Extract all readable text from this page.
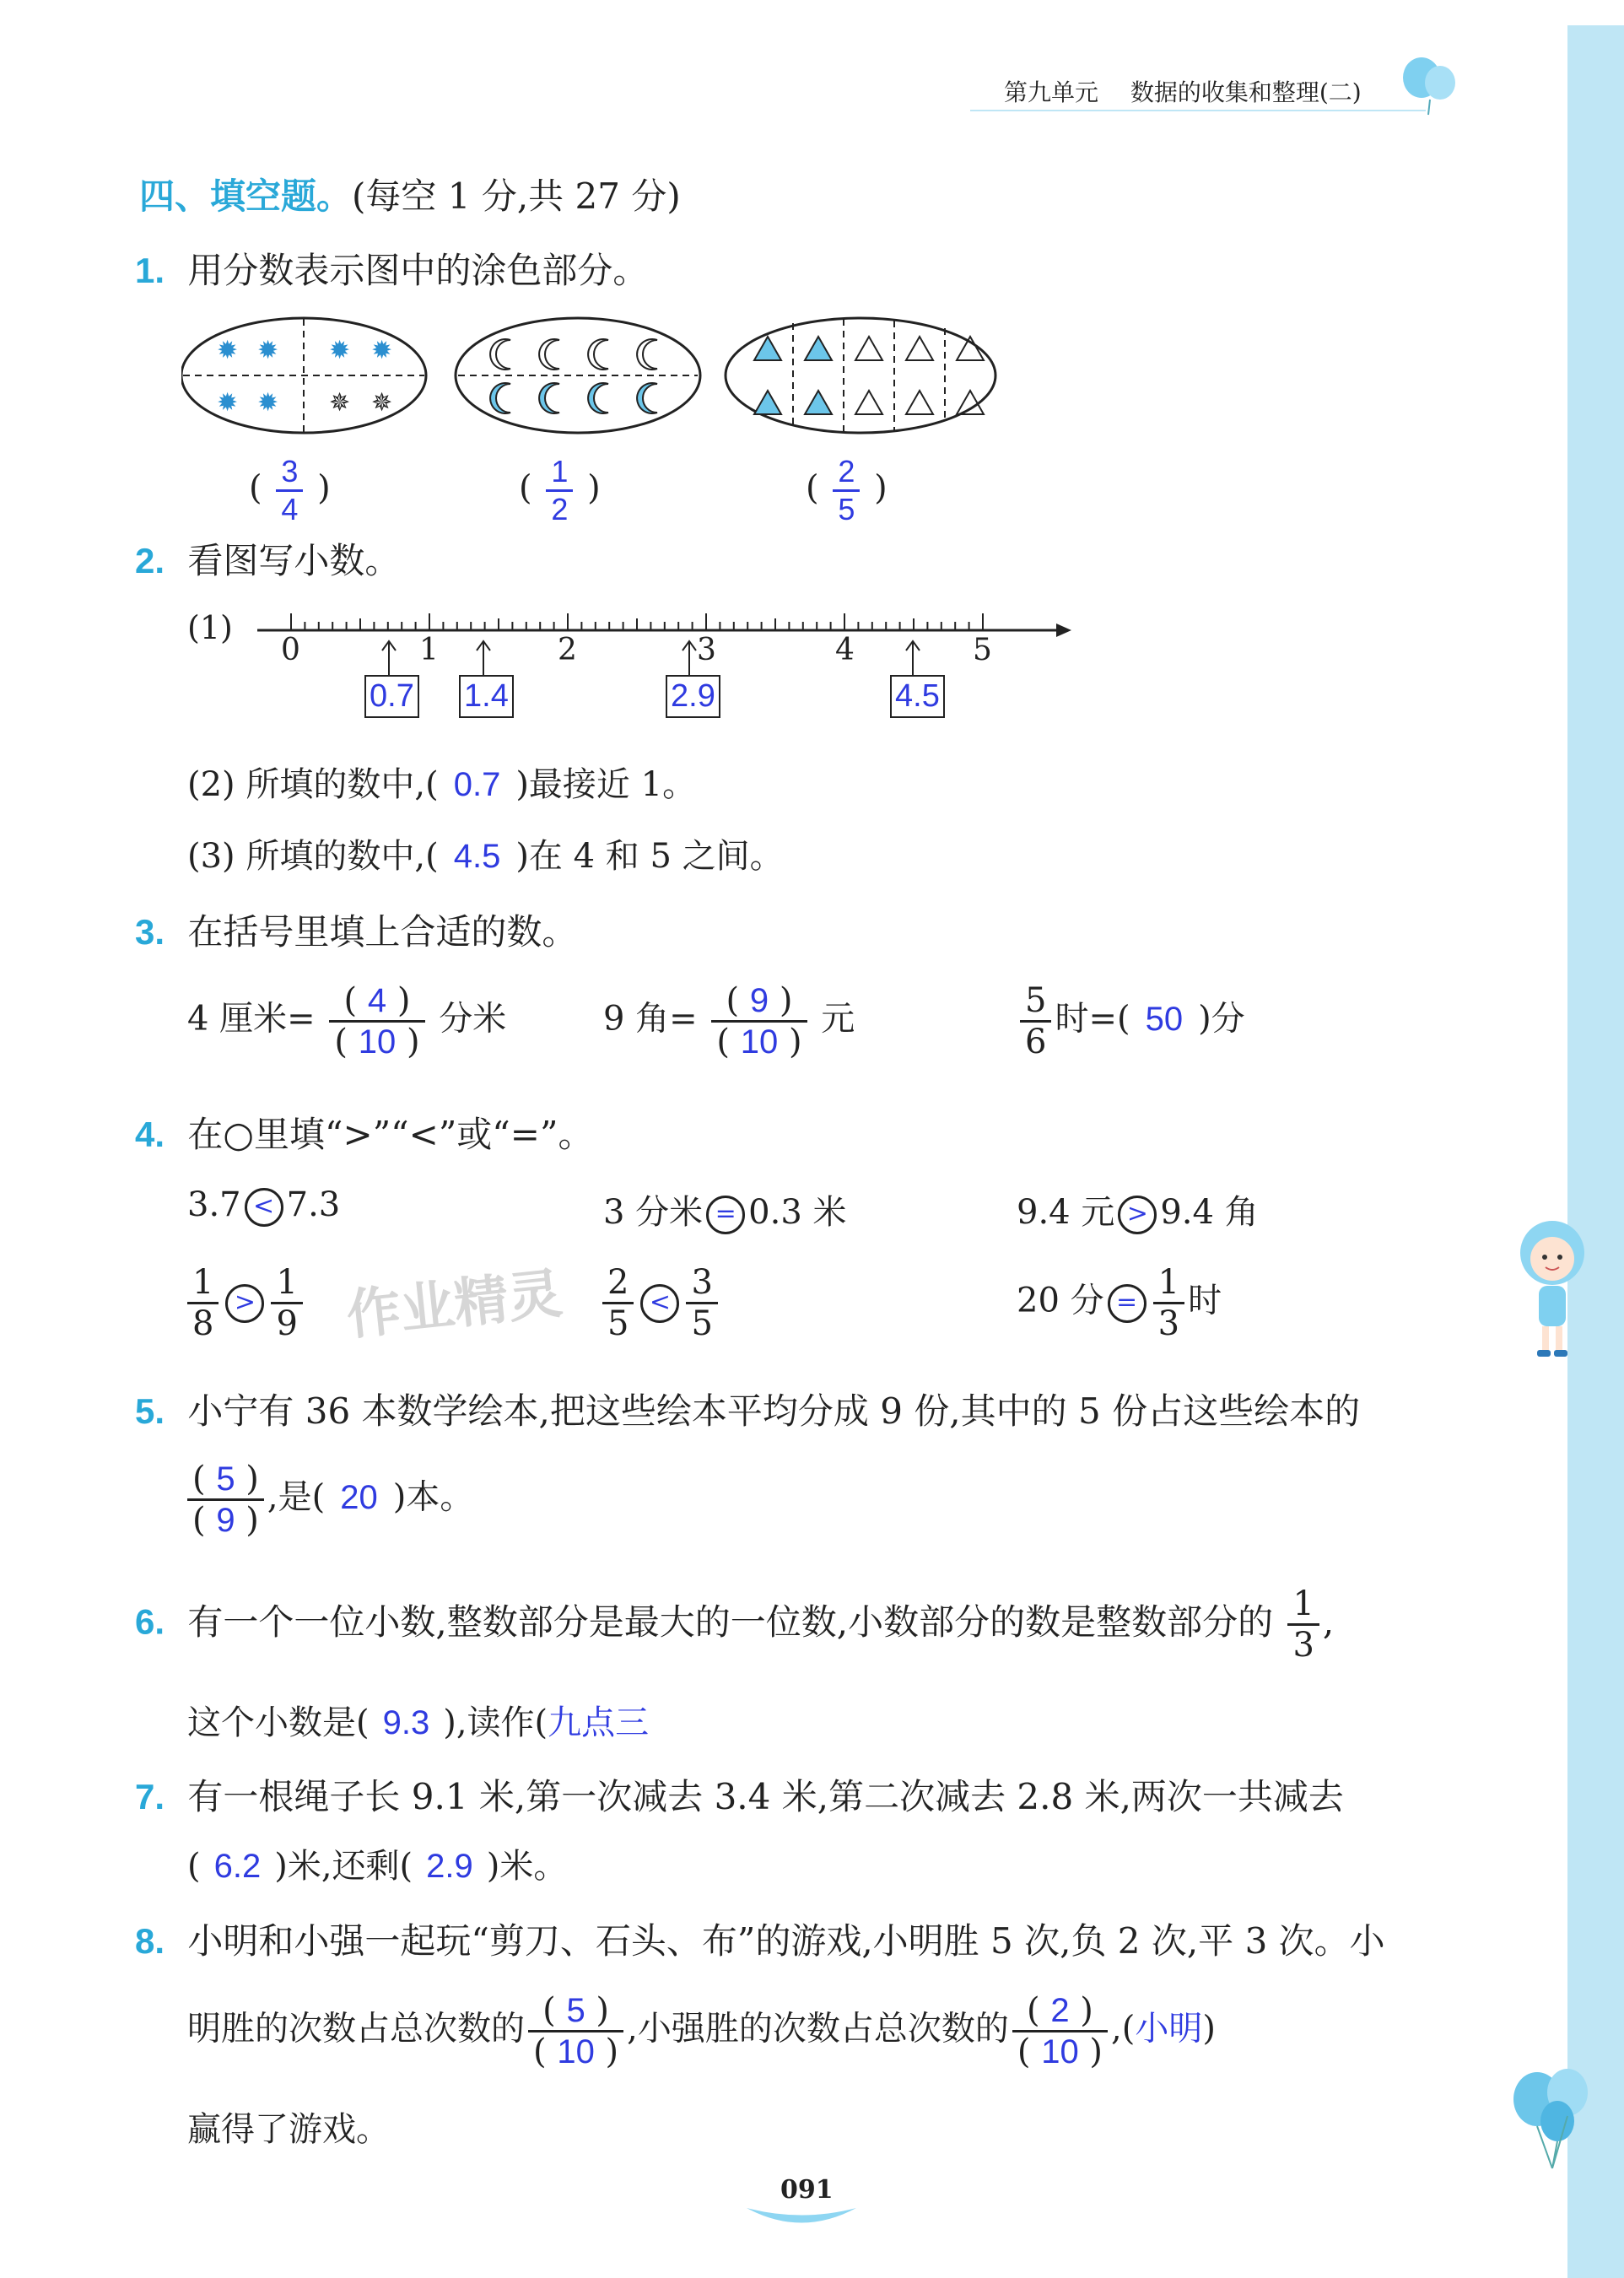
第九单元 数据的收集和整理(二)
四、填空题。(每空 1 分,共 27 分)
1. 用分数表示图中的涂色部分。
✹ ✹ ✹ ✹
✹ ✹ ✵ ✵
( $\frac{3}{4}$ )	( $\frac{1}{2}$ )	( $\frac{2}{5}$ )
2. 看图写小数。
(1)
0	1	2	3	4	5
0.7 1.4	2.9	4.5
(2) 所填的数中,( 0.7 )最接近 1。
(3) 所填的数中,( 4.5 )在 4 和 5 之间。
3. 在括号里填上合适的数。
4 厘米= $\frac{( 4 )}{( 10 )}$ 分米	9 角= $\frac{( 9 )}{( 10 )}$ 元	$\frac{5}{6}$ 时=( 50 )分
4. 在○里填“>”“<”或“=”。
3.7 < 7.3	3 分米 = 0.3 米	9.4 元 > 9.4 角
$\frac{1}{8} > \frac{1}{9}$	$\frac{2}{5} < \frac{3}{5}$	20 分 = $\frac{1}{3}$ 时
5. 小宁有 36 本数学绘本,把这些绘本平均分成 9 份,其中的 5 份占这些绘本的
$\frac{( 5 )}{( 9 )}$ ,是( 20 )本。
6. 有一个一位小数,整数部分是最大的一位数,小数部分的数是整数部分的 $\frac{1}{3}$ ,
这个小数是( 9.3 ),读作(九点三
7. 有一根绳子长 9.1 米,第一次减去 3.4 米,第二次减去 2.8 米,两次一共减去
( 6.2 )米,还剩( 2.9 )米。
8. 小明和小强一起玩“剪刀、石头、布”的游戏,小明胜 5 次,负 2 次,平 3 次。小
明胜的次数占总次数的 $\frac{( 5 )}{( 10 )}$ ,小强胜的次数占总次数的 $\frac{( 2 )}{( 10 )}$ ,(小明)
赢得了游戏。
作业精灵
091
